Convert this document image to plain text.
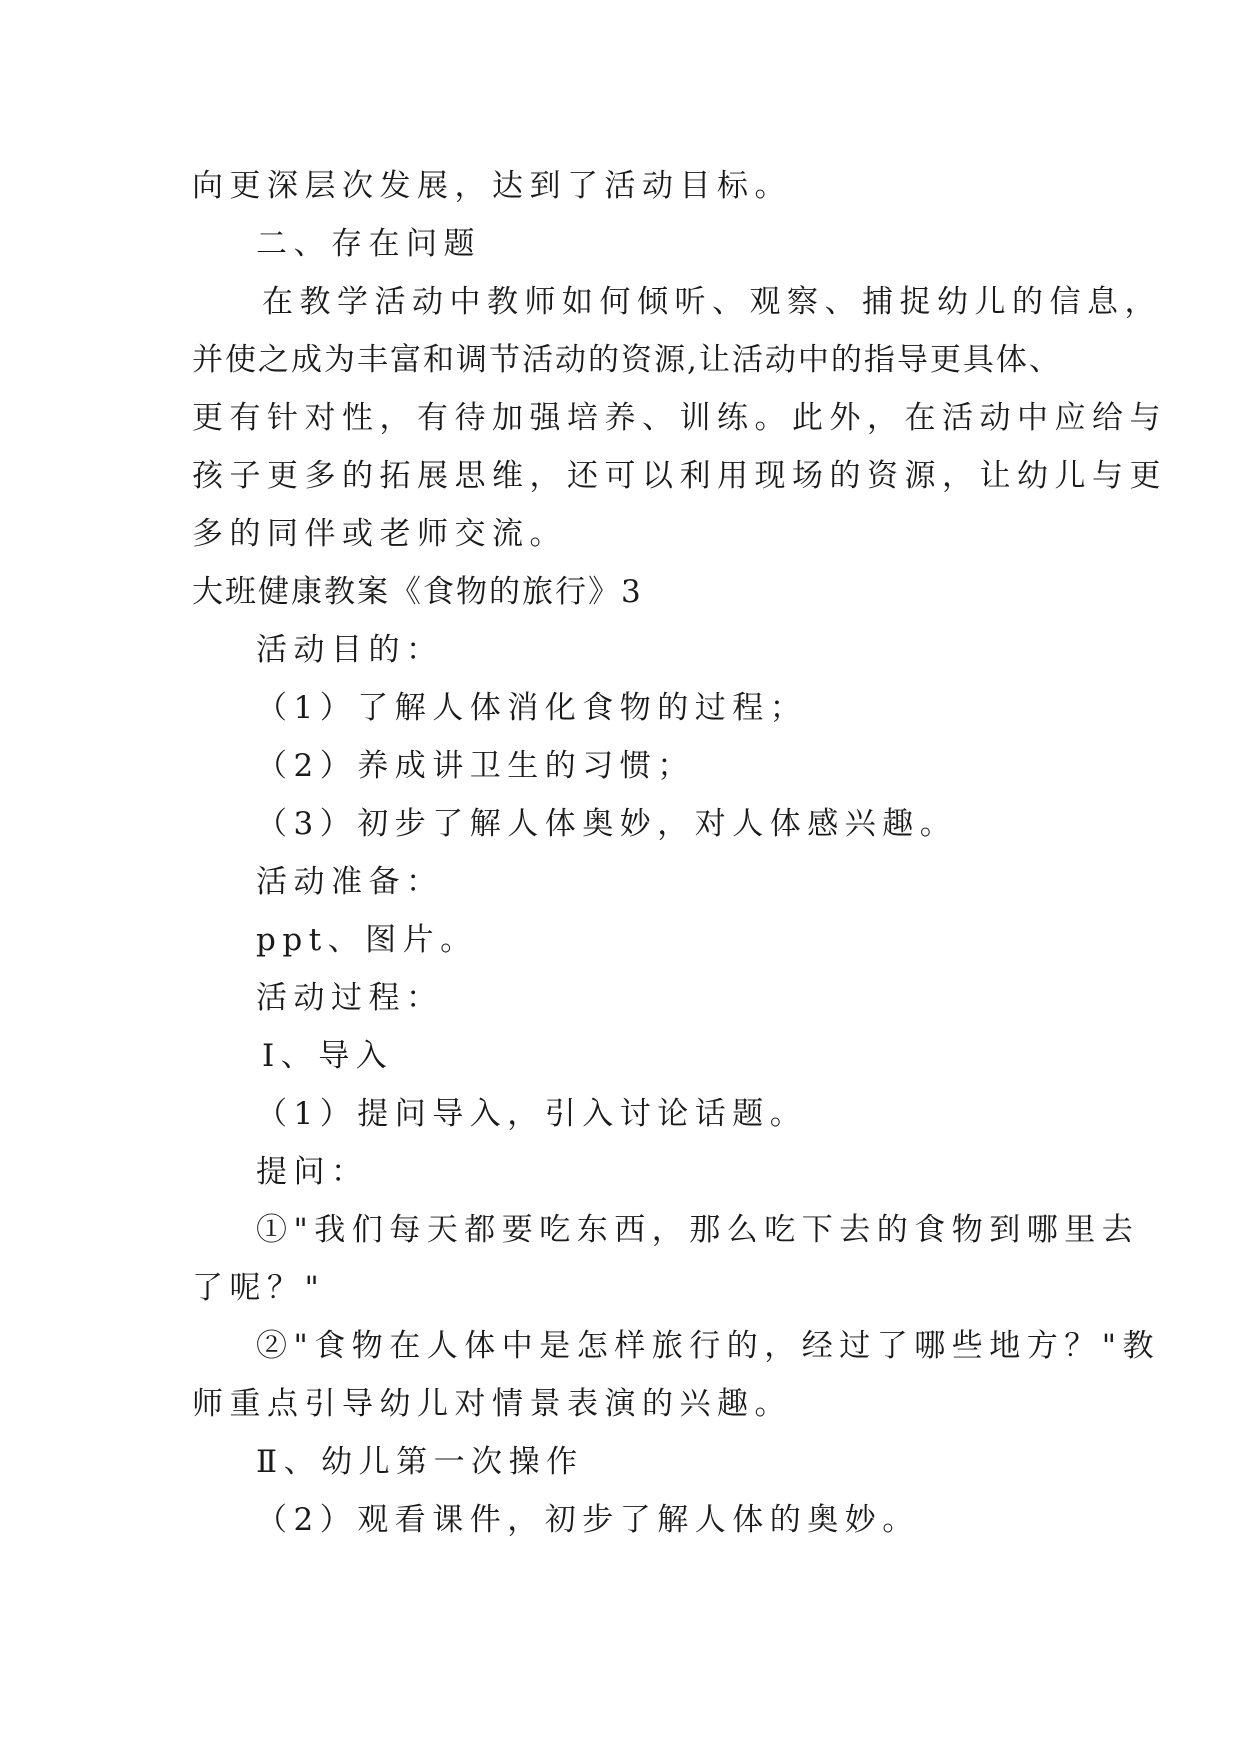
向更深层次发展，达到了活动目标。
二、存在问题
在教学活动中教师如何倾听、观察、捕捉幼儿的信息，
并使之成为丰富和调节活动的资源,让活动中的指导更具体、
更有针对性，有待加强培养、训练。此外，在活动中应给与
孩子更多的拓展思维，还可以利用现场的资源，让幼儿与更
多的同伴或老师交流。
大班健康教案《食物的旅行》3
活动目的：
（1）了解人体消化食物的过程；
（2）养成讲卫生的习惯；
（3）初步了解人体奥妙，对人体感兴趣。
活动准备：
ppt、图片。
活动过程：
Ⅰ、导入
（1）提问导入，引入讨论话题。
提问：
①"我们每天都要吃东西，那么吃下去的食物到哪里去
了呢？"
②"食物在人体中是怎样旅行的，经过了哪些地方？"教
师重点引导幼儿对情景表演的兴趣。
Ⅱ、幼儿第一次操作
（2）观看课件，初步了解人体的奥妙。
